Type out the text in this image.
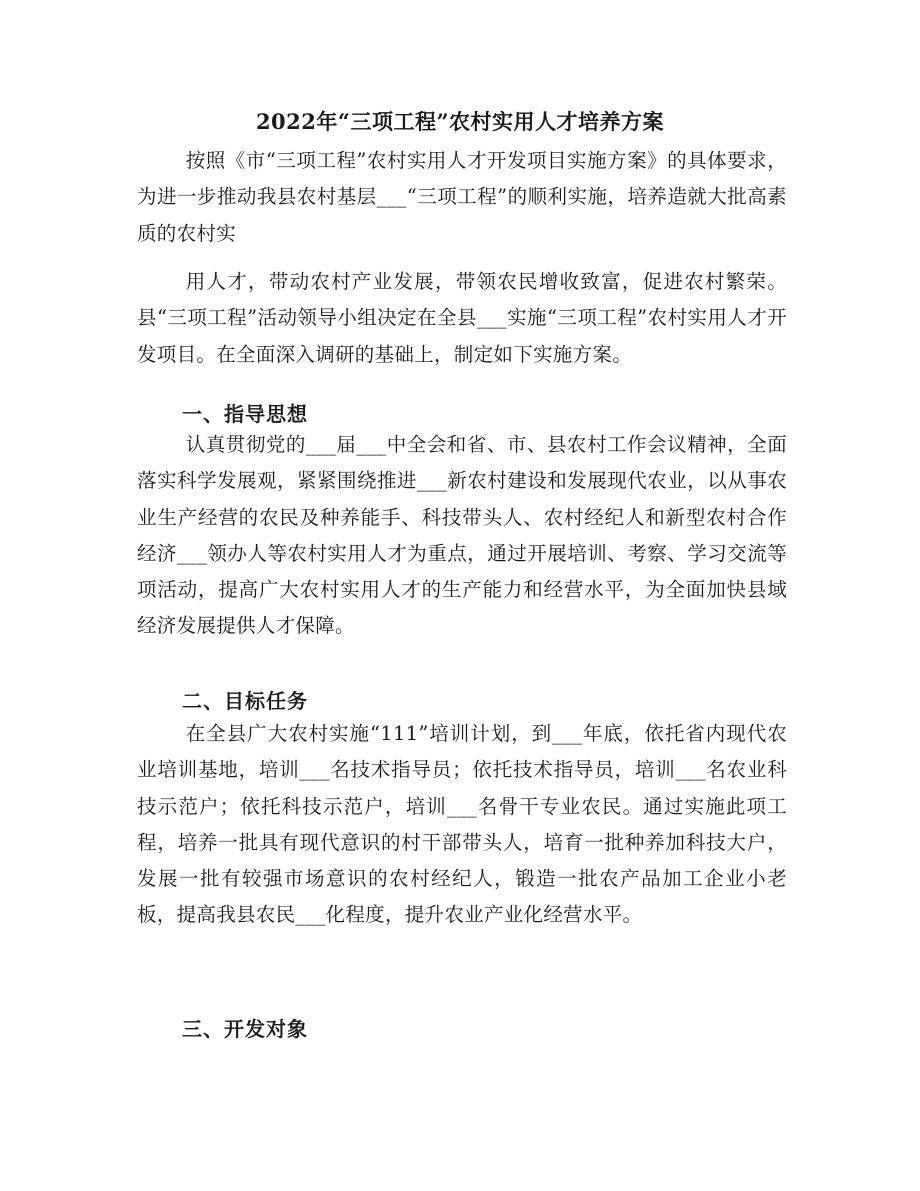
2022年“三项工程”农村实用人才培养方案
按照《市“三项工程”农村实用人才开发项目实施方案》的具体要求，为进一步推动我县农村基层___“三项工程”的顺利实施，培养造就大批高素质的农村实
用人才，带动农村产业发展，带领农民增收致富，促进农村繁荣。县“三项工程”活动领导小组决定在全县___实施“三项工程”农村实用人才开发项目。在全面深入调研的基础上，制定如下实施方案。
一、指导思想
认真贯彻党的___届___中全会和省、市、县农村工作会议精神，全面落实科学发展观，紧紧围绕推进___新农村建设和发展现代农业，以从事农业生产经营的农民及种养能手、科技带头人、农村经纪人和新型农村合作经济___领办人等农村实用人才为重点，通过开展培训、考察、学习交流等项活动，提高广大农村实用人才的生产能力和经营水平，为全面加快县域经济发展提供人才保障。
二、目标任务
在全县广大农村实施“111”培训计划，到___年底，依托省内现代农业培训基地，培训___名技术指导员；依托技术指导员，培训___名农业科技示范户；依托科技示范户，培训___名骨干专业农民。通过实施此项工程，培养一批具有现代意识的村干部带头人，培育一批种养加科技大户，发展一批有较强市场意识的农村经纪人，锻造一批农产品加工企业小老板，提高我县农民___化程度，提升农业产业化经营水平。
三、开发对象
